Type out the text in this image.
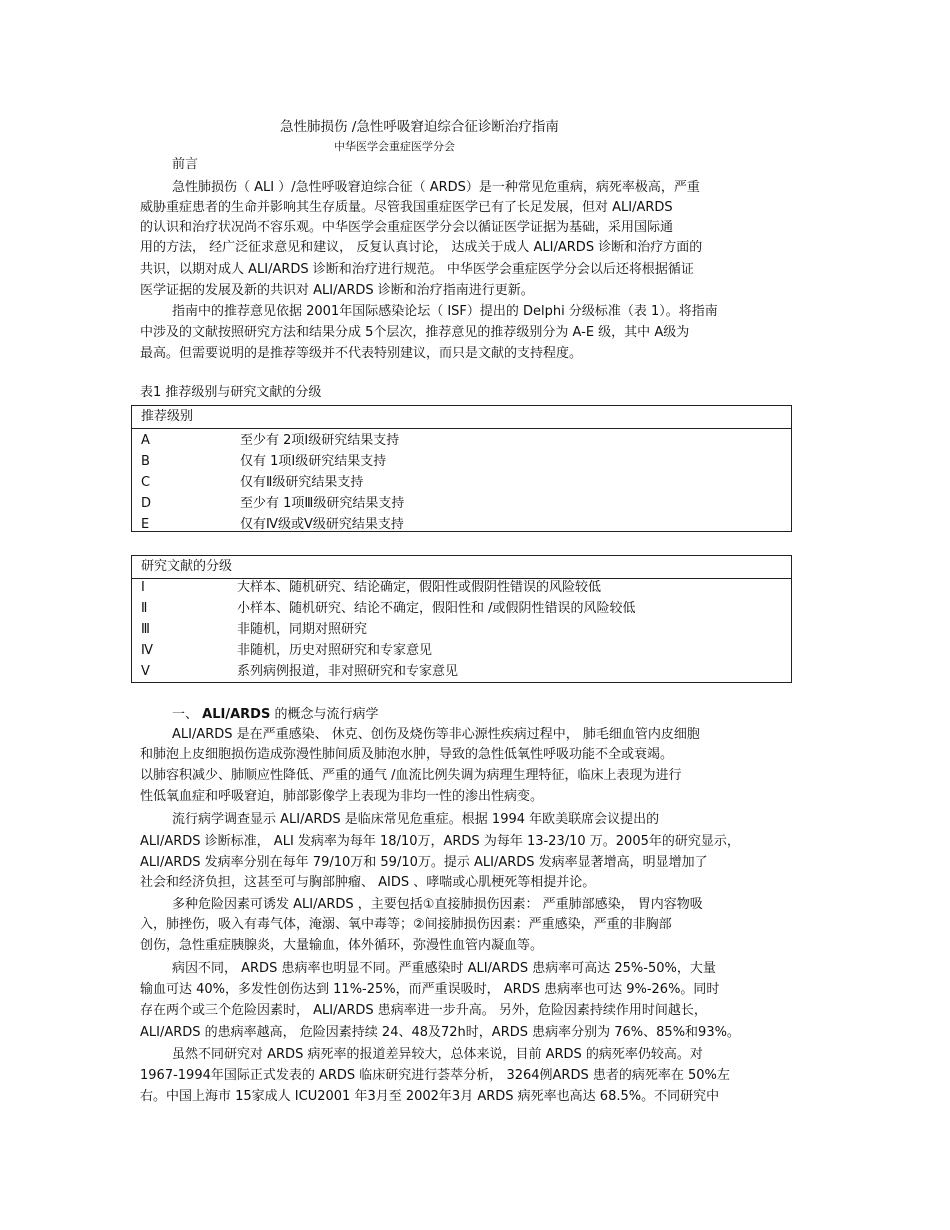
急性肺损伤 /急性呼吸窘迫综合征诊断治疗指南
中华医学会重症医学分会
前言
急性肺损伤（ ALI ）/急性呼吸窘迫综合征（ ARDS）是一种常见危重病，病死率极高，严重
威胁重症患者的生命并影响其生存质量。尽管我国重症医学已有了长足发展，但对 ALI/ARDS
的认识和治疗状况尚不容乐观。中华医学会重症医学分会以循证医学证据为基础，采用国际通
用的方法， 经广泛征求意见和建议， 反复认真讨论， 达成关于成人 ALI/ARDS 诊断和治疗方面的
共识，以期对成人 ALI/ARDS 诊断和治疗进行规范。 中华医学会重症医学分会以后还将根据循证
医学证据的发展及新的共识对 ALI/ARDS 诊断和治疗指南进行更新。
指南中的推荐意见依据 2001年国际感染论坛（ ISF）提出的 Delphi 分级标准（表 1）。将指南
中涉及的文献按照研究方法和结果分成 5个层次，推荐意见的推荐级别分为 A-E 级，其中 A级为
最高。但需要说明的是推荐等级并不代表特别建议，而只是文献的支持程度。
表1 推荐级别与研究文献的分级
推荐级别
A	至少有 2项Ⅰ级研究结果支持
B	仅有 1项Ⅰ级研究结果支持
C	仅有Ⅱ级研究结果支持
D	至少有 1项Ⅲ级研究结果支持
E	仅有Ⅳ级或Ⅴ级研究结果支持
研究文献的分级
Ⅰ	大样本、随机研究、结论确定，假阳性或假阴性错误的风险较低
Ⅱ	小样本、随机研究、结论不确定，假阳性和 /或假阴性错误的风险较低
Ⅲ	非随机，同期对照研究
Ⅳ	非随机，历史对照研究和专家意见
Ⅴ	系列病例报道，非对照研究和专家意见
一、 ALI/ARDS 的概念与流行病学
ALI/ARDS 是在严重感染、 休克、创伤及烧伤等非心源性疾病过程中， 肺毛细血管内皮细胞
和肺泡上皮细胞损伤造成弥漫性肺间质及肺泡水肿，导致的急性低氧性呼吸功能不全或衰竭。
以肺容积减少、肺顺应性降低、严重的通气 /血流比例失调为病理生理特征，临床上表现为进行
性低氧血症和呼吸窘迫，肺部影像学上表现为非均一性的渗出性病变。
流行病学调查显示 ALI/ARDS 是临床常见危重症。根据 1994 年欧美联席会议提出的
ALI/ARDS 诊断标准， ALI 发病率为每年 18/10万，ARDS 为每年 13-23/10 万。2005年的研究显示，
ALI/ARDS 发病率分别在每年 79/10万和 59/10万。提示 ALI/ARDS 发病率显著增高，明显增加了
社会和经济负担，这甚至可与胸部肿瘤、 AIDS 、哮喘或心肌梗死等相提并论。
多种危险因素可诱发 ALI/ARDS ，主要包括①直接肺损伤因素： 严重肺部感染， 胃内容物吸
入，肺挫伤，吸入有毒气体，淹溺、氧中毒等；②间接肺损伤因素：严重感染，严重的非胸部
创伤，急性重症胰腺炎，大量输血，体外循环，弥漫性血管内凝血等。
病因不同， ARDS 患病率也明显不同。严重感染时 ALI/ARDS 患病率可高达 25%-50%，大量
输血可达 40%，多发性创伤达到 11%-25%，而严重误吸时， ARDS 患病率也可达 9%-26%。同时
存在两个或三个危险因素时， ALI/ARDS 患病率进一步升高。 另外，危险因素持续作用时间越长，
ALI/ARDS 的患病率越高， 危险因素持续 24、48及72h时，ARDS 患病率分别为 76%、85%和93%。
虽然不同研究对 ARDS 病死率的报道差异较大，总体来说，目前 ARDS 的病死率仍较高。对
1967-1994年国际正式发表的 ARDS 临床研究进行荟萃分析， 3264例ARDS 患者的病死率在 50%左
右。中国上海市 15家成人 ICU2001 年3月至 2002年3月 ARDS 病死率也高达 68.5%。不同研究中
